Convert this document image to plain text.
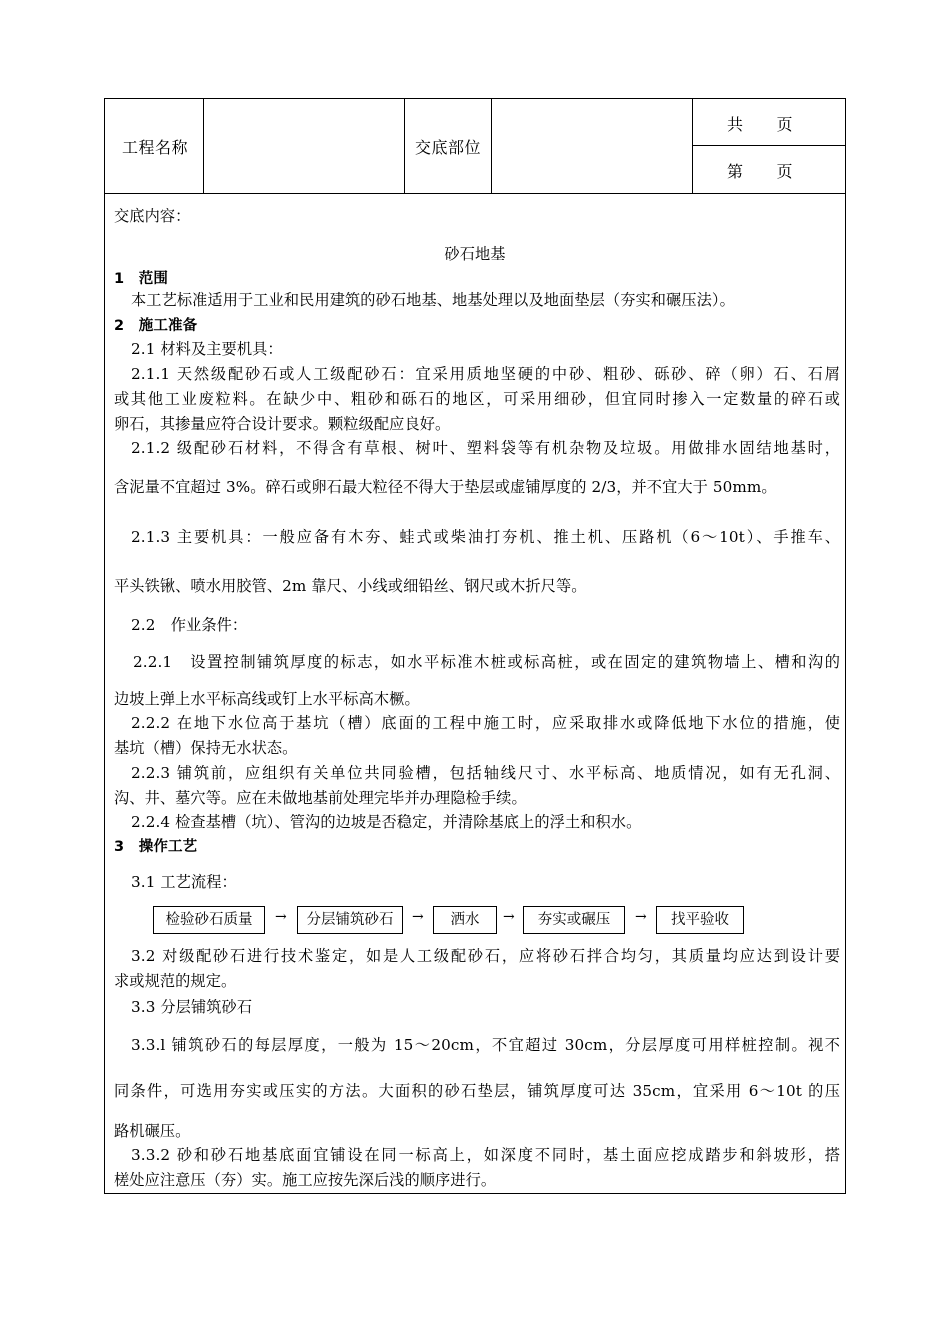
工程名称	交底部位
共　　页
第　　页
交底内容：
砂石地基
1　范围
本工艺标准适用于工业和民用建筑的砂石地基、地基处理以及地面垫层（夯实和碾压法）。
2　施工准备
2.1 材料及主要机具：
2.1.1 天然级配砂石或人工级配砂石：宜采用质地坚硬的中砂、粗砂、砾砂、碎（卵）石、石屑
或其他工业废粒料。在缺少中、粗砂和砾石的地区，可采用细砂，但宜同时掺入一定数量的碎石或
卵石，其掺量应符合设计要求。颗粒级配应良好。
2.1.2 级配砂石材料，不得含有草根、树叶、塑料袋等有机杂物及垃圾。用做排水固结地基时，
含泥量不宜超过 3%。碎石或卵石最大粒径不得大于垫层或虚铺厚度的 2/3，并不宜大于 50mm。
2.1.3 主要机具：一般应备有木夯、蛙式或柴油打夯机、推土机、压路机（6～10t）、手推车、
平头铁锹、喷水用胶管、2m 靠尺、小线或细铅丝、钢尺或木折尺等。
2.2　作业条件：
2.2.1　设置控制铺筑厚度的标志，如水平标准木桩或标高桩，或在固定的建筑物墙上、槽和沟的
边坡上弹上水平标高线或钉上水平标高木橛。
2.2.2 在地下水位高于基坑（槽）底面的工程中施工时，应采取排水或降低地下水位的措施，使
基坑（槽）保持无水状态。
2.2.3 铺筑前，应组织有关单位共同验槽，包括轴线尺寸、水平标高、地质情况，如有无孔洞、
沟、井、墓穴等。应在未做地基前处理完毕并办理隐检手续。
2.2.4 检查基槽（坑）、管沟的边坡是否稳定，并清除基底上的浮土和积水。
3　操作工艺
3.1 工艺流程：
检验砂石质量	→	分层铺筑砂石	→	洒水	→	夯实或碾压	→	找平验收
3.2 对级配砂石进行技术鉴定，如是人工级配砂石，应将砂石拌合均匀，其质量均应达到设计要
求或规范的规定。
3.3 分层铺筑砂石
3.3.l 铺筑砂石的每层厚度，一般为 15～20cm，不宜超过 30cm，分层厚度可用样桩控制。视不
同条件，可选用夯实或压实的方法。大面积的砂石垫层，铺筑厚度可达 35cm，宜采用 6～10t 的压
路机碾压。
3.3.2 砂和砂石地基底面宜铺设在同一标高上，如深度不同时，基土面应挖成踏步和斜坡形，搭
槎处应注意压（夯）实。施工应按先深后浅的顺序进行。
